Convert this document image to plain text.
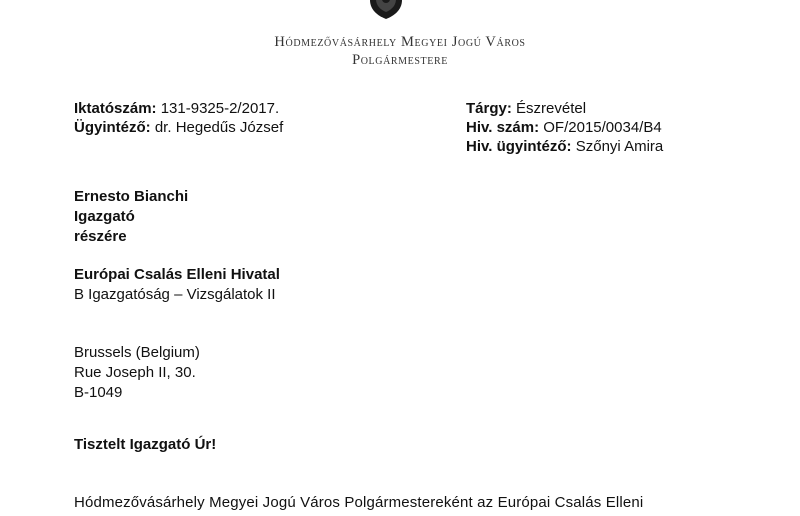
Hódmezővásárhely Megyei Jogú Város
Polgármestere
Iktatószám: 131-9325-2/2017.
Ügyintéző: dr. Hegedűs József
Tárgy: Észrevétel
Hiv. szám: OF/2015/0034/B4
Hiv. ügyintéző: Szőnyi Amira
Ernesto Bianchi
Igazgató
részére
Európai Csalás Elleni Hivatal
B Igazgatóság – Vizsgálatok II
Brussels (Belgium)
Rue Joseph II, 30.
B-1049
Tisztelt Igazgató Úr!
Hódmezővásárhely Megyei Jogú Város Polgármestereként az Európai Csalás Elleni
